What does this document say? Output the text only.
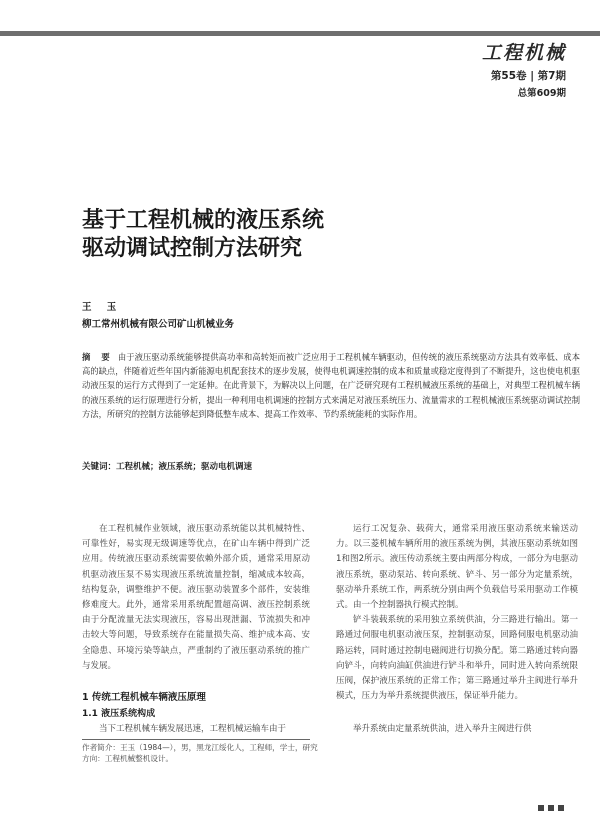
工程机械
第55卷 | 第7期
总第609期
基于工程机械的液压系统
驱动调试控制方法研究
王 玉
柳工常州机械有限公司矿山机械业务
摘 要 由于液压驱动系统能够提供高功率和高转矩而被广泛应用于工程机械车辆驱动，但传统的液压系统驱动方法具有效率低、成本高的缺点，伴随着近些年国内新能源电机配套技术的逐步发展，使得电机调速控制的成本和质量或稳定度得到了不断提升，这也使电机驱动液压泵的运行方式得到了一定延伸。在此背景下，为解决以上问题，在广泛研究现有工程机械液压系统的基础上，对典型工程机械车辆的液压系统的运行原理进行分析，提出一种利用电机调速的控制方式来满足对液压系统压力、流量需求的工程机械液压系统驱动调试控制方法，所研究的控制方法能够起到降低整车成本、提高工作效率、节约系统能耗的实际作用。
关键词：工程机械；液压系统；驱动电机调速

在工程机械作业领域，液压驱动系统能以其机械特性、可靠性好，易实现无级调速等优点，在矿山车辆中得到广泛应用。传统液压驱动系统需要依赖外部介质，通常采用原动机驱动液压泵不易实现液压系统流量控制，缩减成本较高，结构复杂，调整维护不便。液压驱动装置多个部件，安装维修难度大。此外，通常采用系统配置超高调、液压控制系统由于分配流量无法实现液压，容易出现泄漏、节流损失和冲击较大等问题，导致系统存在能量损失高、维护成本高、安全隐患、环境污染等缺点，严重制约了液压驱动系统的推广与发展。

运行工况复杂、载荷大，通常采用液压驱动系统来输送动力。以三菱机械车辆所用的液压系统为例，其液压驱动系统如图1和图2所示。液压传动系统主要由两部分构成，一部分为电驱动液压系统，驱动泵站、转向系统、铲斗、另一部分为定量系统，驱动举升系统工作，两系统分别由两个负载信号采用驱动工作模式。由一个控制器执行模式控制。

铲斗装载系统的采用独立系统供油，分三路进行输出。第一路通过伺服电机驱动液压泵，控制驱动泵，回路伺服电机驱动油路运转，同时通过控制电磁阀进行切换分配。第二路通过转向器向铲斗，向转向油缸供油进行铲斗和举升，同时进入转向系统限压阀，保护液压系统的正常工作；第三路通过举升主阀进行举升模式，压力为举升系统提供液压，保证举升能力。

1 传统工程机械车辆液压原理
1.1 液压系统构成

当下工程机械车辆发展迅速，工程机械运输车由于	举升系统由定量系统供油，进入举升主阀进行供

作者简介：王玉（1984—），男，黑龙江绥化人，工程师，学士，研究方向：工程机械整机设计。
